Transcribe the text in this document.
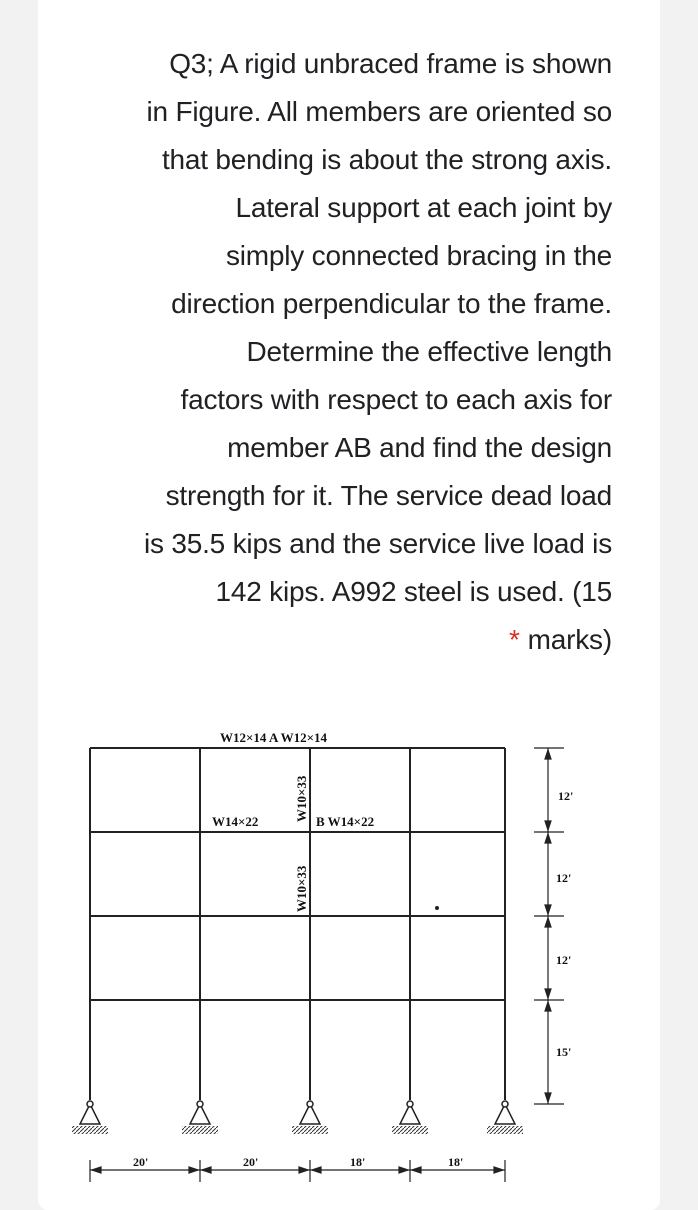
Q3; A rigid unbraced frame is shown
in Figure. All members are oriented so
that bending is about the strong axis.
Lateral support at each joint by
simply connected bracing in the
direction perpendicular to the frame.
Determine the effective length
factors with respect to each axis for
member AB and find the design
strength for it. The service dead load
is 35.5 kips and the service live load is
142 kips. A992 steel is used. (15
* marks)
W12×14 A W12×14
W14×22	B W14×22
W10×33
W10×33
12'
12'
12'
15'
20'	20'	18'	18'
